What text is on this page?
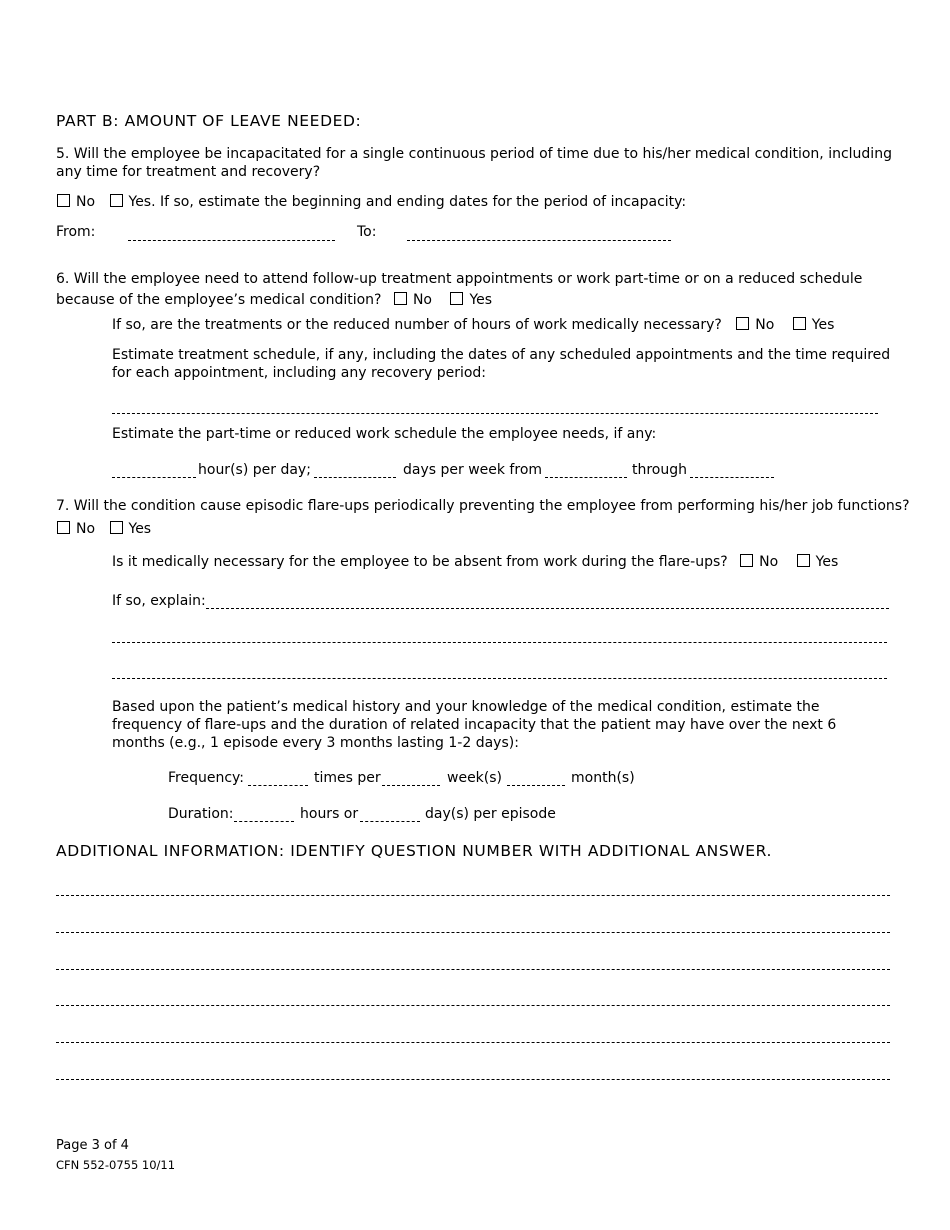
PART B: AMOUNT OF LEAVE NEEDED:
5. Will the employee be incapacitated for a single continuous period of time due to his/her medical condition, including any time for treatment and recovery?
No Yes. If so, estimate the beginning and ending dates for the period of incapacity:
From:	To:
6. Will the employee need to attend follow-up treatment appointments or work part-time or on a reduced schedule
because of the employee’s medical condition? No	Yes
If so, are the treatments or the reduced number of hours of work medically necessary? No	Yes
Estimate treatment schedule, if any, including the dates of any scheduled appointments and the time required for each appointment, including any recovery period:
Estimate the part-time or reduced work schedule the employee needs, if any:
hour(s) per day;	days per week from	through
7. Will the condition cause episodic flare-ups periodically preventing the employee from performing his/her job functions?
No Yes
Is it medically necessary for the employee to be absent from work during the flare-ups? No	Yes
If so, explain:
Based upon the patient’s medical history and your knowledge of the medical condition, estimate the frequency of flare-ups and the duration of related incapacity that the patient may have over the next 6 months (e.g., 1 episode every 3 months lasting 1-2 days):
Frequency:	times per	week(s)	month(s)
Duration:	hours or	day(s) per episode
ADDITIONAL INFORMATION: IDENTIFY QUESTION NUMBER WITH ADDITIONAL ANSWER.
Page 3 of 4
CFN 552-0755 10/11
